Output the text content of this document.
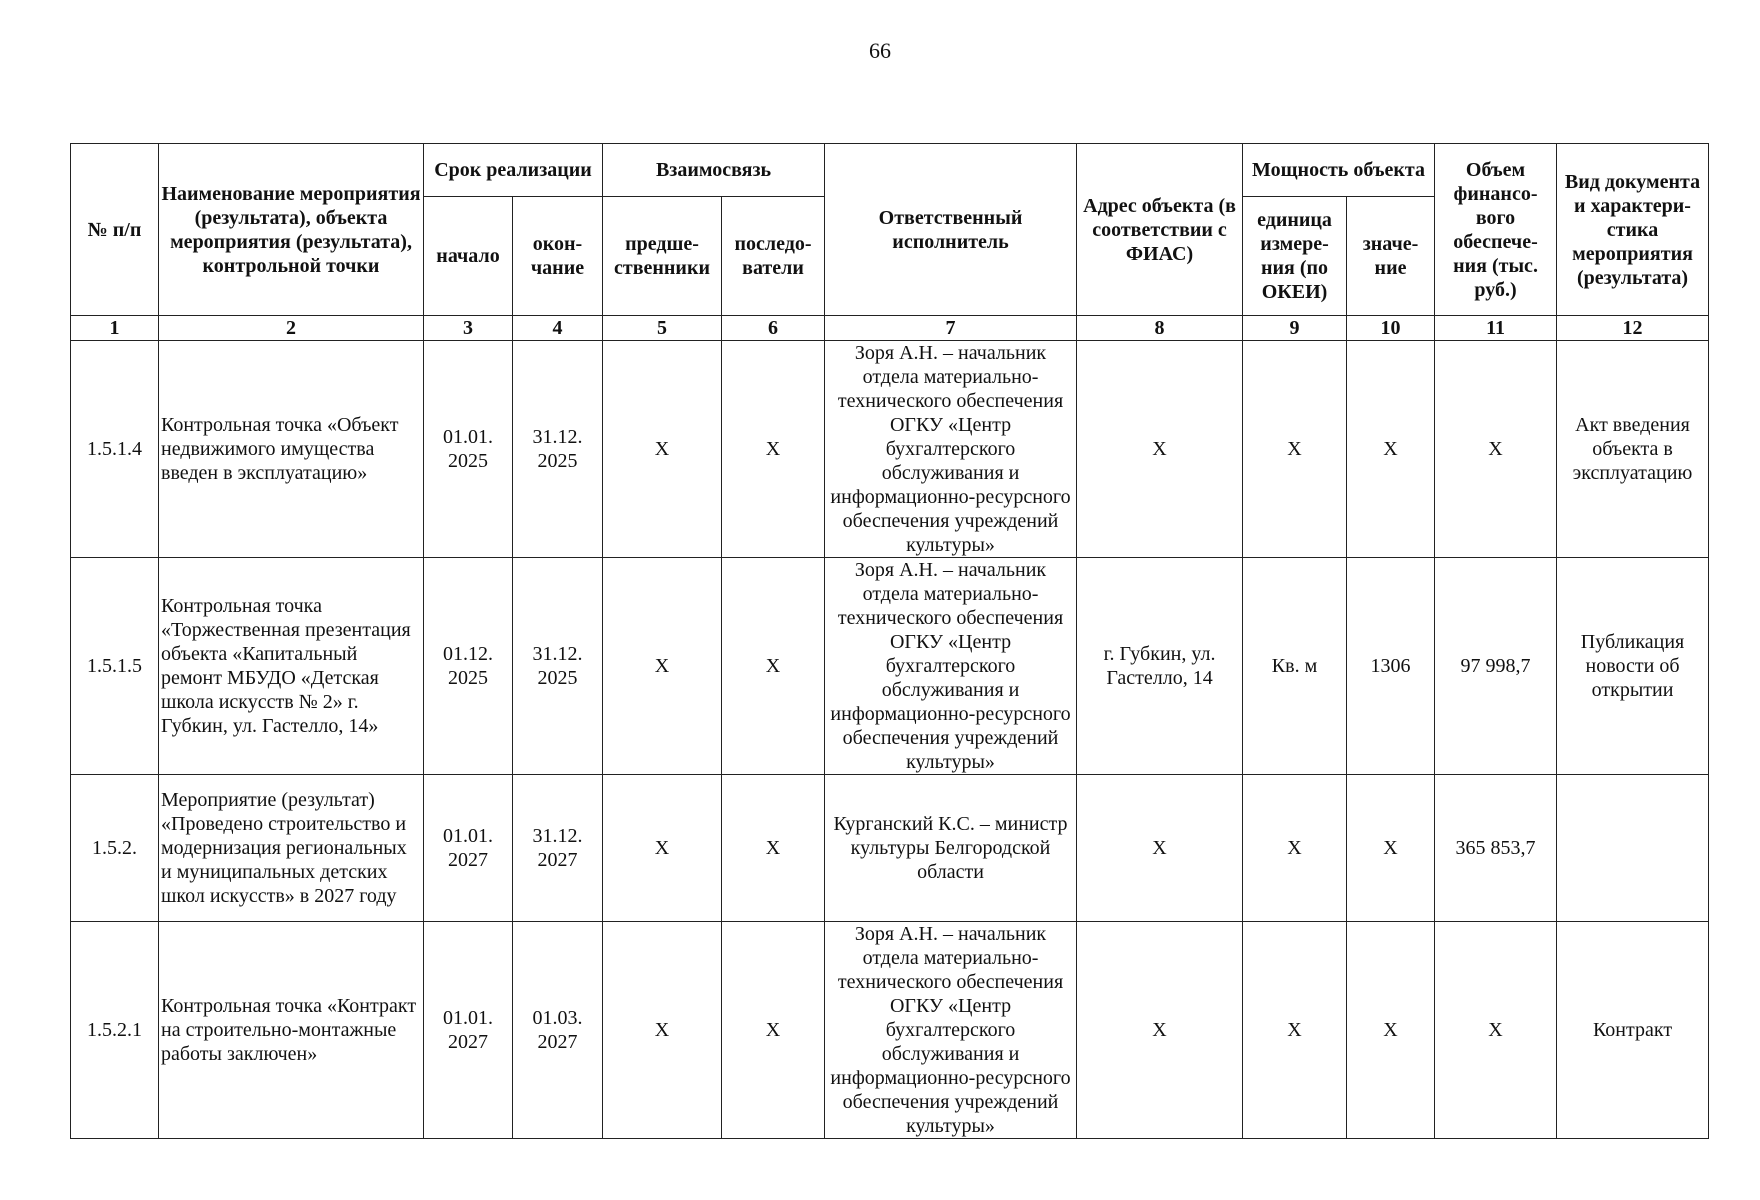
66
№ п/п	Наименование мероприятия (результата), объекта мероприятия (результата), контрольной точки	Срок реализации		Взаимосвязь		Ответственный исполнитель	Адрес объекта (в соответствии с ФИАС)	Мощность объекта		Объем финансо-вого обеспече-ния (тыс. руб.)	Вид документа и характери-стика мероприятия (результата)
		начало	окон-чание	предше-ственники	последо-ватели			единица измере-ния (по ОКЕИ)	значе-ние		
1	2	3	4	5	6	7	8	9	10	11	12
1.5.1.4	Контрольная точка «Объект недвижимого имущества введен в эксплуатацию»	01.01. 2025	31.12. 2025	X	X	Зоря А.Н. – начальник отдела материально-технического обеспечения ОГКУ «Центр бухгалтерского обслуживания и информационно-ресурсного обеспечения учреждений культуры»	X	X	X	X	Акт введения объекта в эксплуатацию
1.5.1.5	Контрольная точка «Торжественная презентация объекта «Капитальный ремонт МБУДО «Детская школа искусств № 2» г. Губкин, ул. Гастелло, 14»	01.12. 2025	31.12. 2025	X	X	Зоря А.Н. – начальник отдела материально-технического обеспечения ОГКУ «Центр бухгалтерского обслуживания и информационно-ресурсного обеспечения учреждений культуры»	г. Губкин, ул. Гастелло, 14	Кв. м	1306	97 998,7	Публикация новости об открытии
1.5.2.	Мероприятие (результат) «Проведено строительство и модернизация региональных и муниципальных детских школ искусств» в 2027 году	01.01. 2027	31.12. 2027	X	X	Курганский К.С. – министр культуры Белгородской области	X	X	X	365 853,7	
1.5.2.1	Контрольная точка «Контракт на строительно-монтажные работы заключен»	01.01. 2027	01.03. 2027	X	X	Зоря А.Н. – начальник отдела материально-технического обеспечения ОГКУ «Центр бухгалтерского обслуживания и информационно-ресурсного обеспечения учреждений культуры»	X	X	X	X	Контракт
